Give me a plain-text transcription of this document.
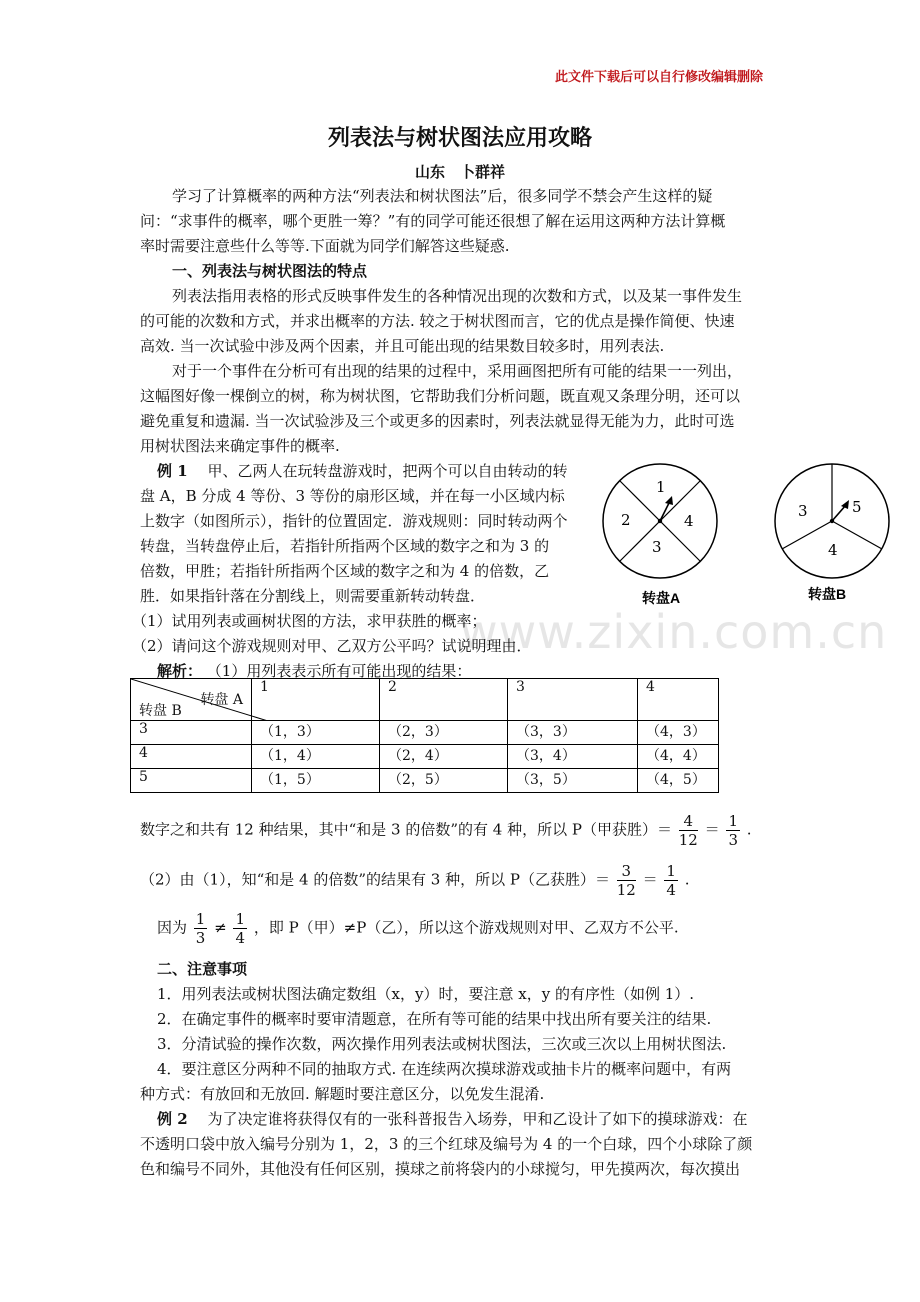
此文件下载后可以自行修改编辑删除
列表法与树状图法应用攻略
山东　卜群祥
www.zixin.com.cn
　学习了计算概率的两种方法“列表法和树状图法”后，很多同学不禁会产生这样的疑
问：“求事件的概率，哪个更胜一筹？”有的同学可能还很想了解在运用这两种方法计算概
率时需要注意些什么等等.下面就为同学们解答这些疑惑.
一、列表法与树状图法的特点
列表法指用表格的形式反映事件发生的各种情况出现的次数和方式，以及某一事件发生
的可能的次数和方式，并求出概率的方法. 较之于树状图而言，它的优点是操作简便、快速
高效. 当一次试验中涉及两个因素，并且可能出现的结果数目较多时，用列表法.
对于一个事件在分析可有出现的结果的过程中，采用画图把所有可能的结果一一列出，
这幅图好像一棵倒立的树，称为树状图，它帮助我们分析问题，既直观又条理分明，还可以
避免重复和遗漏. 当一次试验涉及三个或更多的因素时，列表法就显得无能为力，此时可选
用树状图法来确定事件的概率.
例 1　 甲、乙两人在玩转盘游戏时，把两个可以自由转动的转
盘 A，B 分成 4 等份、3 等份的扇形区域，并在每一小区域内标
上数字（如图所示），指针的位置固定．游戏规则：同时转动两个
转盘，当转盘停止后，若指针所指两个区域的数字之和为 3 的
倍数，甲胜；若指针所指两个区域的数字之和为 4 的倍数，乙
胜．如果指针落在分割线上，则需要重新转动转盘．
（1）试用列表或画树状图的方法，求甲获胜的概率；
（2）请问这个游戏规则对甲、乙双方公平吗？试说明理由．
解析： （1）用列表表示所有可能出现的结果：
1
4
3
2
转盘A
5
4
3
转盘B
转盘 A
转盘 B	1	2	3	4
3	（1，3）	（2，3）	（3，3）	（4，3）
4	（1，4）	（2，4）	（3，4）	（4，4）
5	（1，5）	（2，5）	（3，5）	（4，5）
数字之和共有 12 种结果，其中“和是 3 的倍数”的有 4 种，所以 P（甲获胜）＝ $\frac{4}{12} = \frac{1}{3}$ .
（2）由（1），知“和是 4 的倍数”的结果有 3 种，所以 P（乙获胜）＝ $\frac{3}{12} = \frac{1}{4}$ .
因为 $\frac{1}{3} \ne \frac{1}{4}$ ，即 P（甲）≠P（乙），所以这个游戏规则对甲、乙双方不公平.
二、注意事项
1．用列表法或树状图法确定数组（x，y）时，要注意 x，y 的有序性（如例 1）.
2．在确定事件的概率时要审清题意，在所有等可能的结果中找出所有要关注的结果.
3．分清试验的操作次数，两次操作用列表法或树状图法，三次或三次以上用树状图法.
4．要注意区分两种不同的抽取方式. 在连续两次摸球游戏或抽卡片的概率问题中，有两
种方式：有放回和无放回. 解题时要注意区分，以免发生混淆.
例 2　 为了决定谁将获得仅有的一张科普报告入场券，甲和乙设计了如下的摸球游戏：在
不透明口袋中放入编号分别为 1，2，3 的三个红球及编号为 4 的一个白球，四个小球除了颜
色和编号不同外，其他没有任何区别，摸球之前将袋内的小球搅匀，甲先摸两次，每次摸出
